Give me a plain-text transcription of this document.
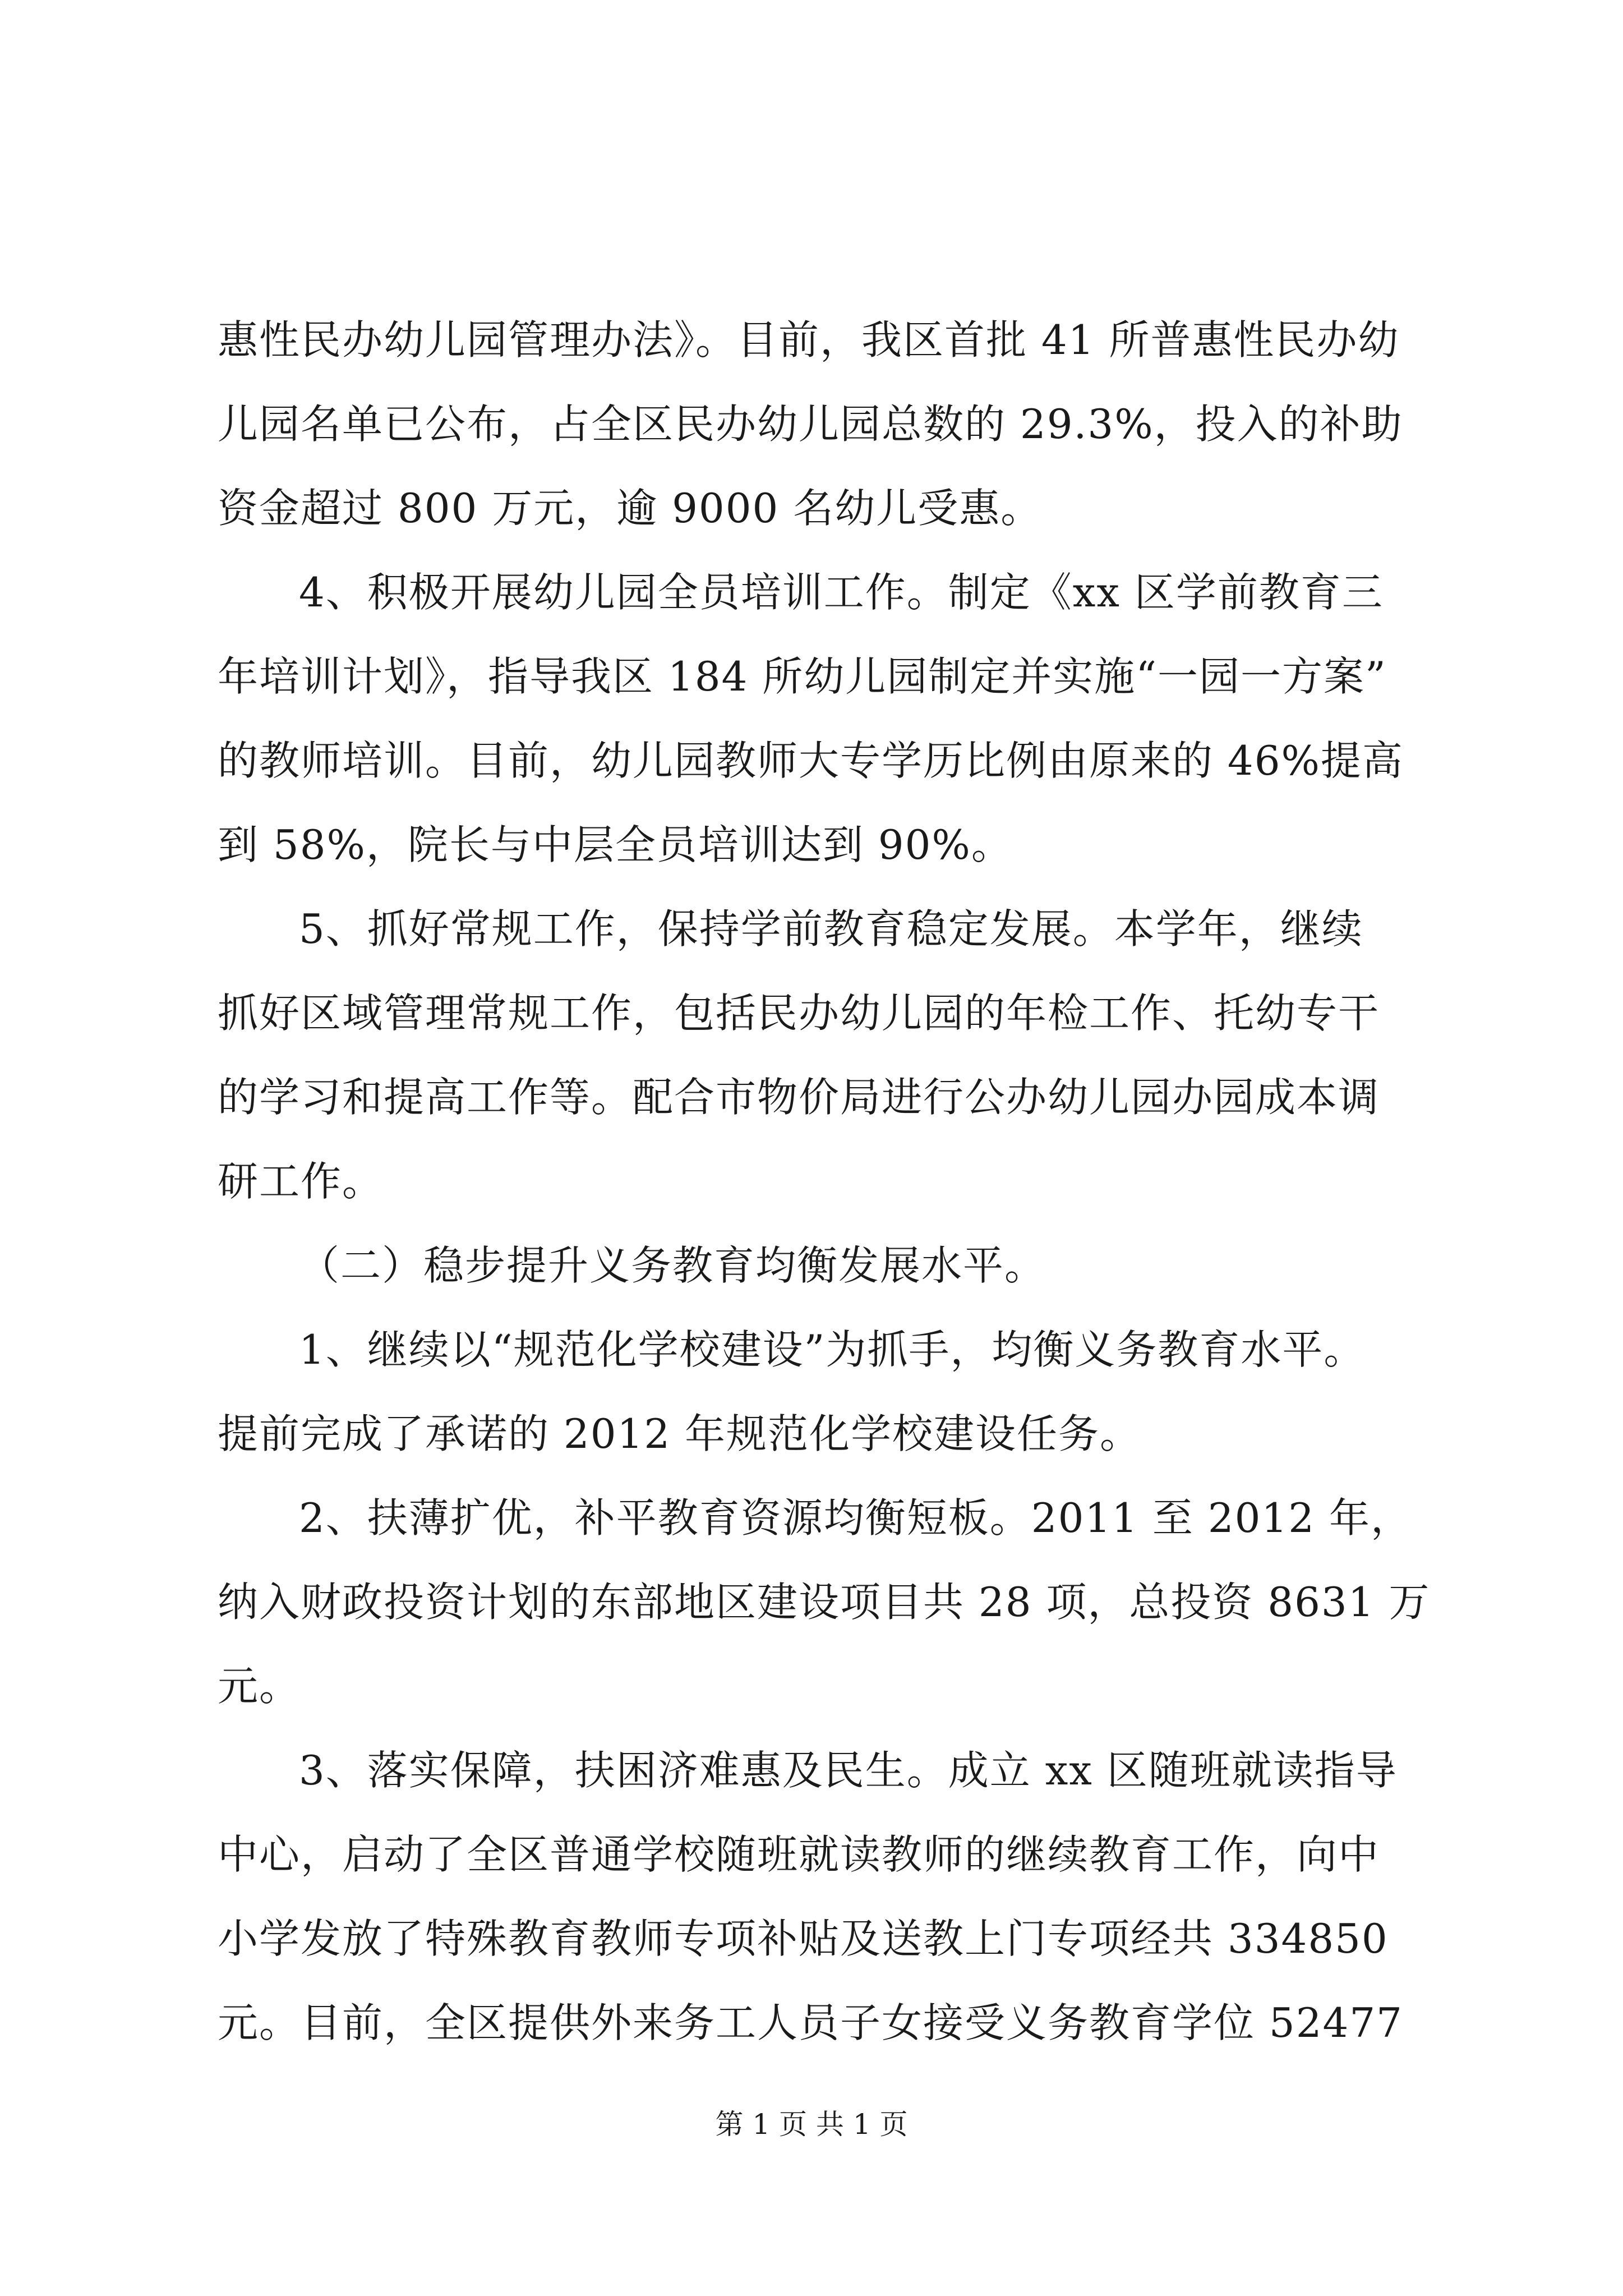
惠性民办幼儿园管理办法》。目前，我区首批 41 所普惠性民办幼

儿园名单已公布，占全区民办幼儿园总数的 29.3%，投入的补助

资金超过 800 万元，逾 9000 名幼儿受惠。

4、积极开展幼儿园全员培训工作。制定《xx 区学前教育三

年培训计划》，指导我区 184 所幼儿园制定并实施“一园一方案”

的教师培训。目前，幼儿园教师大专学历比例由原来的 46%提高

到 58%，院长与中层全员培训达到 90%。

5、抓好常规工作，保持学前教育稳定发展。本学年，继续

抓好区域管理常规工作，包括民办幼儿园的年检工作、托幼专干

的学习和提高工作等。配合市物价局进行公办幼儿园办园成本调

研工作。

（二）稳步提升义务教育均衡发展水平。

1、继续以“规范化学校建设”为抓手，均衡义务教育水平。

提前完成了承诺的 2012 年规范化学校建设任务。

2、扶薄扩优，补平教育资源均衡短板。2011 至 2012 年，

纳入财政投资计划的东部地区建设项目共 28 项，总投资 8631 万

元。

3、落实保障，扶困济难惠及民生。成立 xx 区随班就读指导

中心，启动了全区普通学校随班就读教师的继续教育工作，向中

小学发放了特殊教育教师专项补贴及送教上门专项经共 334850

元。目前，全区提供外来务工人员子女接受义务教育学位 52477

第 1 页 共 1 页
